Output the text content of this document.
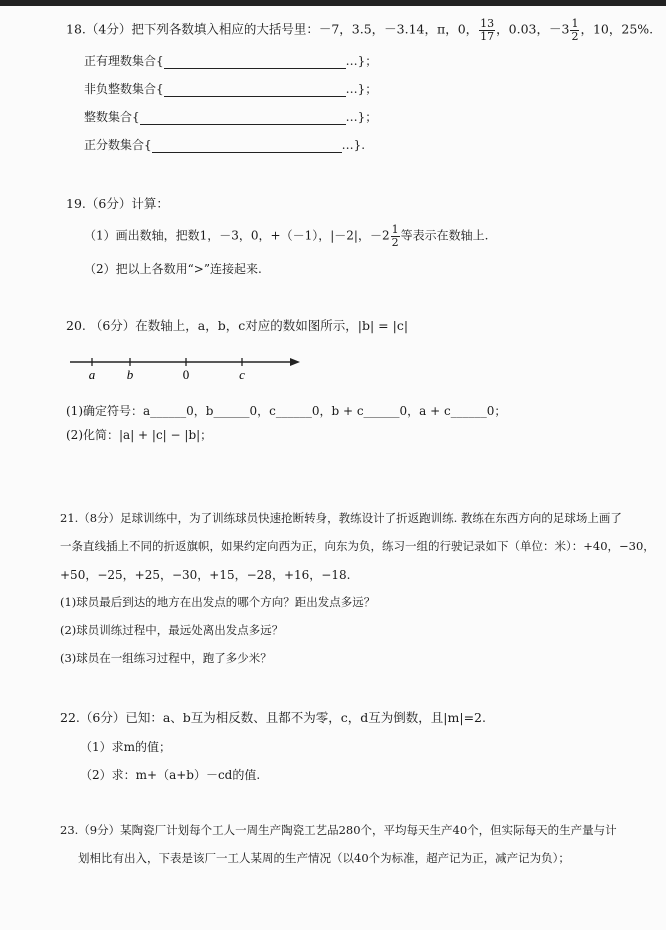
18.（4分）把下列各数填入相应的大括号里：－7，3.5，－3.14，π，0， $\frac{13}{17}$ ，0.03，$-3 \frac{1}{2}$ ，10，25%.
正有理数集合{	…}；
非负整数集合{	…}；
整数集合{	…}；
正分数集合{	…}.
19.（6分）计算：
（1）画出数轴，把数1，－3，0，+（－1），|－2|，$-2 \frac{1}{2}$ 等表示在数轴上.
（2）把以上各数用“>”连接起来.
20. （6分）在数轴上，a，b，c对应的数如图所示，|b| = |c|
a b	0	c
(1)确定符号：a______0，b______0，c______0，b + c______0，a + c______0；
(2)化简：|a| + |c| − |b|；
21.（8分）足球训练中，为了训练球员快速抢断转身，教练设计了折返跑训练. 教练在东西方向的足球场上画了
一条直线插上不同的折返旗帜，如果约定向西为正，向东为负，练习一组的行驶记录如下（单位：米）：+40，−30，
+50，−25，+25，−30，+15，−28，+16，−18.
(1)球员最后到达的地方在出发点的哪个方向？距出发点多远？
(2)球员训练过程中，最远处离出发点多远？
(3)球员在一组练习过程中，跑了多少米？
22.（6分）已知：a、b互为相反数、且都不为零，c，d互为倒数，且|m|=2.
（1）求m的值；
（2）求：m+（a+b）－cd的值.
23.（9分）某陶瓷厂计划每个工人一周生产陶瓷工艺品280个，平均每天生产40个，但实际每天的生产量与计
划相比有出入，下表是该厂一工人某周的生产情况（以40个为标准，超产记为正，减产记为负）；
